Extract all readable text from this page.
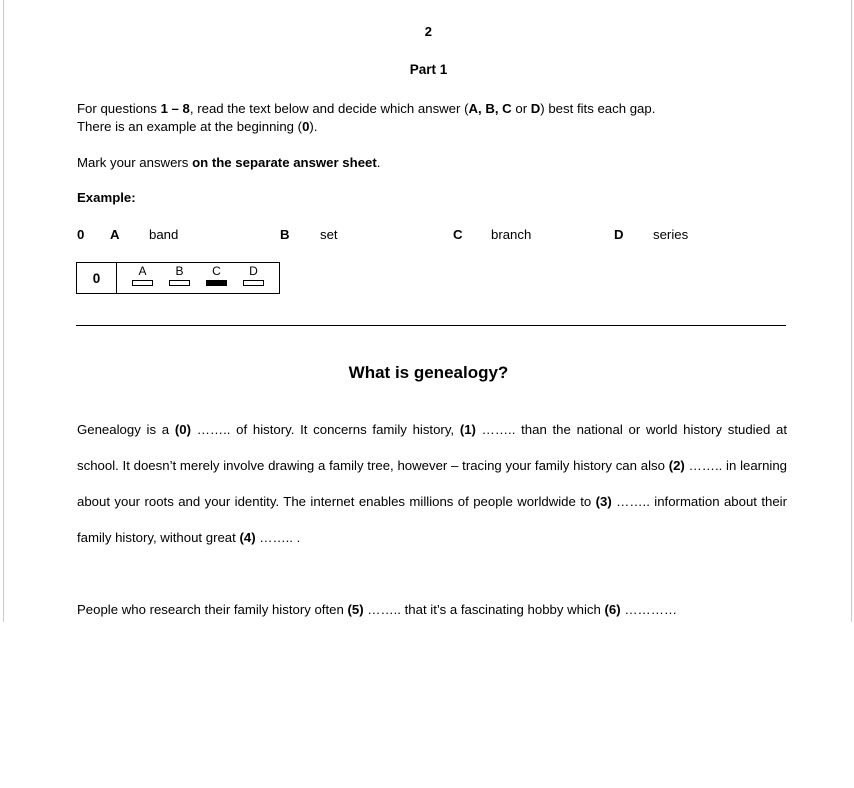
2
Part 1
For questions 1 – 8, read the text below and decide which answer (A, B, C or D) best fits each gap.
There is an example at the beginning (0).
Mark your answers on the separate answer sheet.
Example:
0 A band	B set	C branch	D series
0	A B C D
What is genealogy?

Genealogy is a (0) …….. of history. It concerns family history, (1) …….. than the national or world history studied at school. It doesn’t merely involve drawing a family tree, however – tracing your family history can also (2) …….. in learning about your roots and your identity. The internet enables millions of people worldwide to (3) …….. information about their family history, without great (4) …….. .

People who research their family history often (5) …….. that it’s a fascinating hobby which (6) …………
